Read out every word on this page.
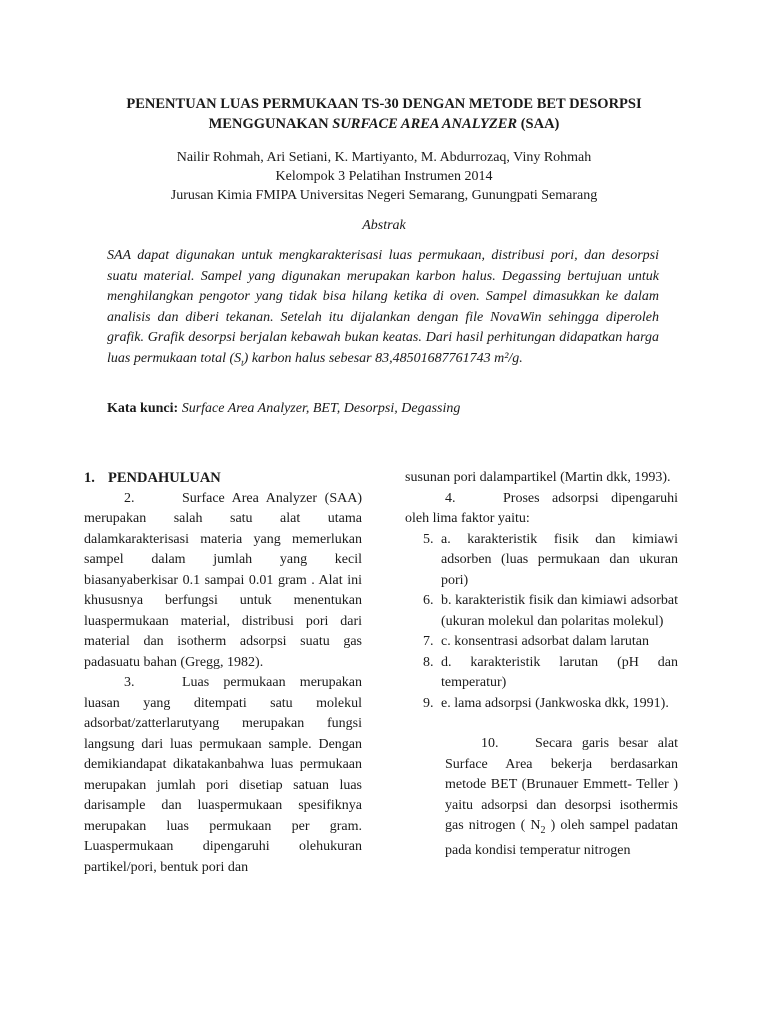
PENENTUAN LUAS PERMUKAAN TS-30 DENGAN METODE BET DESORPSI
MENGGUNAKAN SURFACE AREA ANALYZER (SAA)
Nailir Rohmah, Ari Setiani, K. Martiyanto, M. Abdurrozaq, Viny Rohmah
Kelompok 3 Pelatihan Instrumen 2014
Jurusan Kimia FMIPA Universitas Negeri Semarang, Gunungpati Semarang
Abstrak
SAA dapat digunakan untuk mengkarakterisasi luas permukaan, distribusi pori, dan desorpsi suatu material. Sampel yang digunakan merupakan karbon halus. Degassing bertujuan untuk menghilangkan pengotor yang tidak bisa hilang ketika di oven. Sampel dimasukkan ke dalam analisis dan diberi tekanan. Setelah itu dijalankan dengan file NovaWin sehingga diperoleh grafik. Grafik desorpsi berjalan kebawah bukan keatas. Dari hasil perhitungan didapatkan harga luas permukaan total $(S_t)$ karbon halus sebesar 83,48501687761743 m²/g.
Kata kunci: Surface Area Analyzer, BET, Desorpsi, Degassing
1. PENDAHULUAN

2.	Surface Area Analyzer (SAA) merupakan salah satu alat utama dalamkarakterisasi materia yang memerlukan sampel dalam jumlah yang kecil biasanyaberkisar 0.1 sampai 0.01 gram . Alat ini khususnya berfungsi untuk menentukan luaspermukaan material, distribusi pori dari material dan isotherm adsorpsi suatu gas padasuatu bahan (Gregg, 1982).

3.	Luas permukaan merupakan luasan yang ditempati satu molekul adsorbat/zatterlarutyang merupakan fungsi langsung dari luas permukaan sample. Dengan demikiandapat dikatakanbahwa luas permukaan merupakan jumlah pori disetiap satuan luas darisample dan luaspermukaan spesifiknya merupakan luas permukaan per gram. Luaspermukaan dipengaruhi olehukuran partikel/pori, bentuk pori dan

susunan pori dalampartikel (Martin dkk, 1993).

4.	Proses adsorpsi dipengaruhi oleh lima faktor yaitu:

5. a. karakteristik fisik dan kimiawi adsorben (luas permukaan dan ukuran pori)
6. b. karakteristik fisik dan kimiawi adsorbat (ukuran molekul dan polaritas molekul)
7. c. konsentrasi adsorbat dalam larutan
8. d. karakteristik larutan (pH dan temperatur)
9. e. lama adsorpsi (Jankwoska dkk, 1991).

10.	Secara garis besar alat Surface Area bekerja berdasarkan metode BET (Brunauer Emmett- Teller ) yaitu adsorpsi dan desorpsi isothermis gas nitrogen ( $N_2$ ) oleh sampel padatan pada kondisi temperatur nitrogen
